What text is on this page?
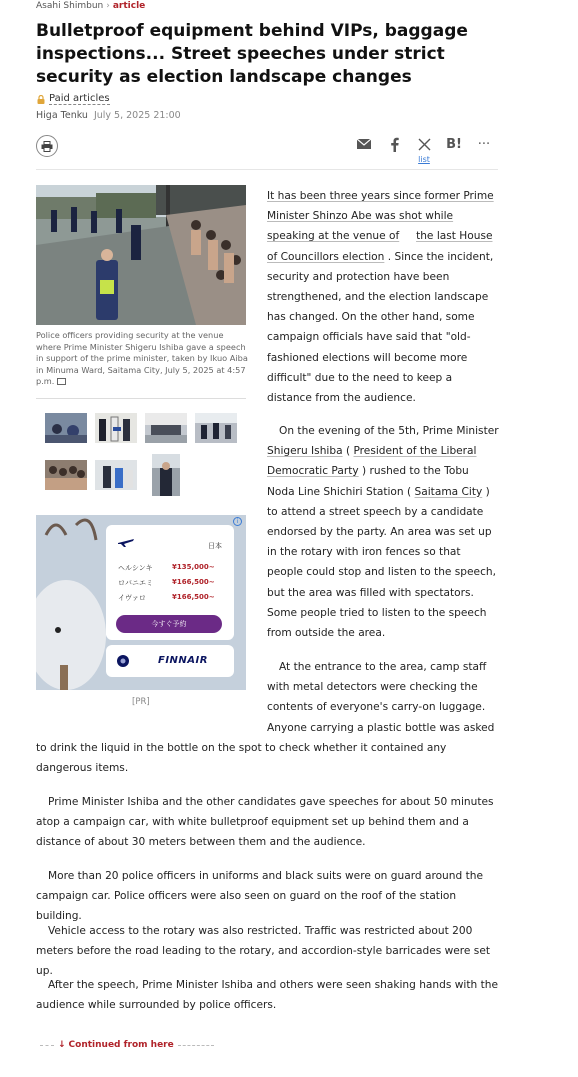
Asahi Shimbun › article
Bulletproof equipment behind VIPs, baggage inspections... Street speeches under strict security as election landscape changes
Paid articles
Higa Tenku July 5, 2025 21:00
list
B! ···
Police officers providing security at the venue where Prime Minister Shigeru Ishiba gave a speech in support of the prime minister, taken by Ikuo Aiba in Minuma Ward, Saitama City, July 5, 2025 at 4:57 p.m.
i
日本
ヘルシンキ	¥135,000~
ロバニエミ	¥166,500~
イヴァロ	¥166,500~
今すぐ予約
FINNAIR
[PR]

It has been three years since former Prime Minister Shinzo Abe was shot while speaking at the venue of the last House of Councillors election . Since the incident, security and protection have been strengthened, and the election landscape has changed. On the other hand, some campaign officials have said that "old-fashioned elections will become more difficult" due to the need to keep a distance from the audience.

On the evening of the 5th, Prime Minister Shigeru Ishiba ( President of the Liberal Democratic Party ) rushed to the Tobu Noda Line Shichiri Station ( Saitama City ) to attend a street speech by a candidate endorsed by the party. An area was set up in the rotary with iron fences so that people could stop and listen to the speech, but the area was filled with spectators. Some people tried to listen to the speech from outside the area.

At the entrance to the area, camp staff with metal detectors were checking the contents of everyone's carry-on luggage. Anyone carrying a plastic bottle was asked

to drink the liquid in the bottle on the spot to check whether it contained any dangerous items.

Prime Minister Ishiba and the other candidates gave speeches for about 50 minutes atop a campaign car, with white bulletproof equipment set up behind them and a distance of about 30 meters between them and the audience.

More than 20 police officers in uniforms and black suits were on guard around the campaign car. Police officers were also seen on guard on the roof of the station building.

Vehicle access to the rotary was also restricted. Traffic was restricted about 200 meters before the road leading to the rotary, and accordion-style barricades were set up.

After the speech, Prime Minister Ishiba and others were seen shaking hands with the audience while surrounded by police officers.

↓ Continued from here
